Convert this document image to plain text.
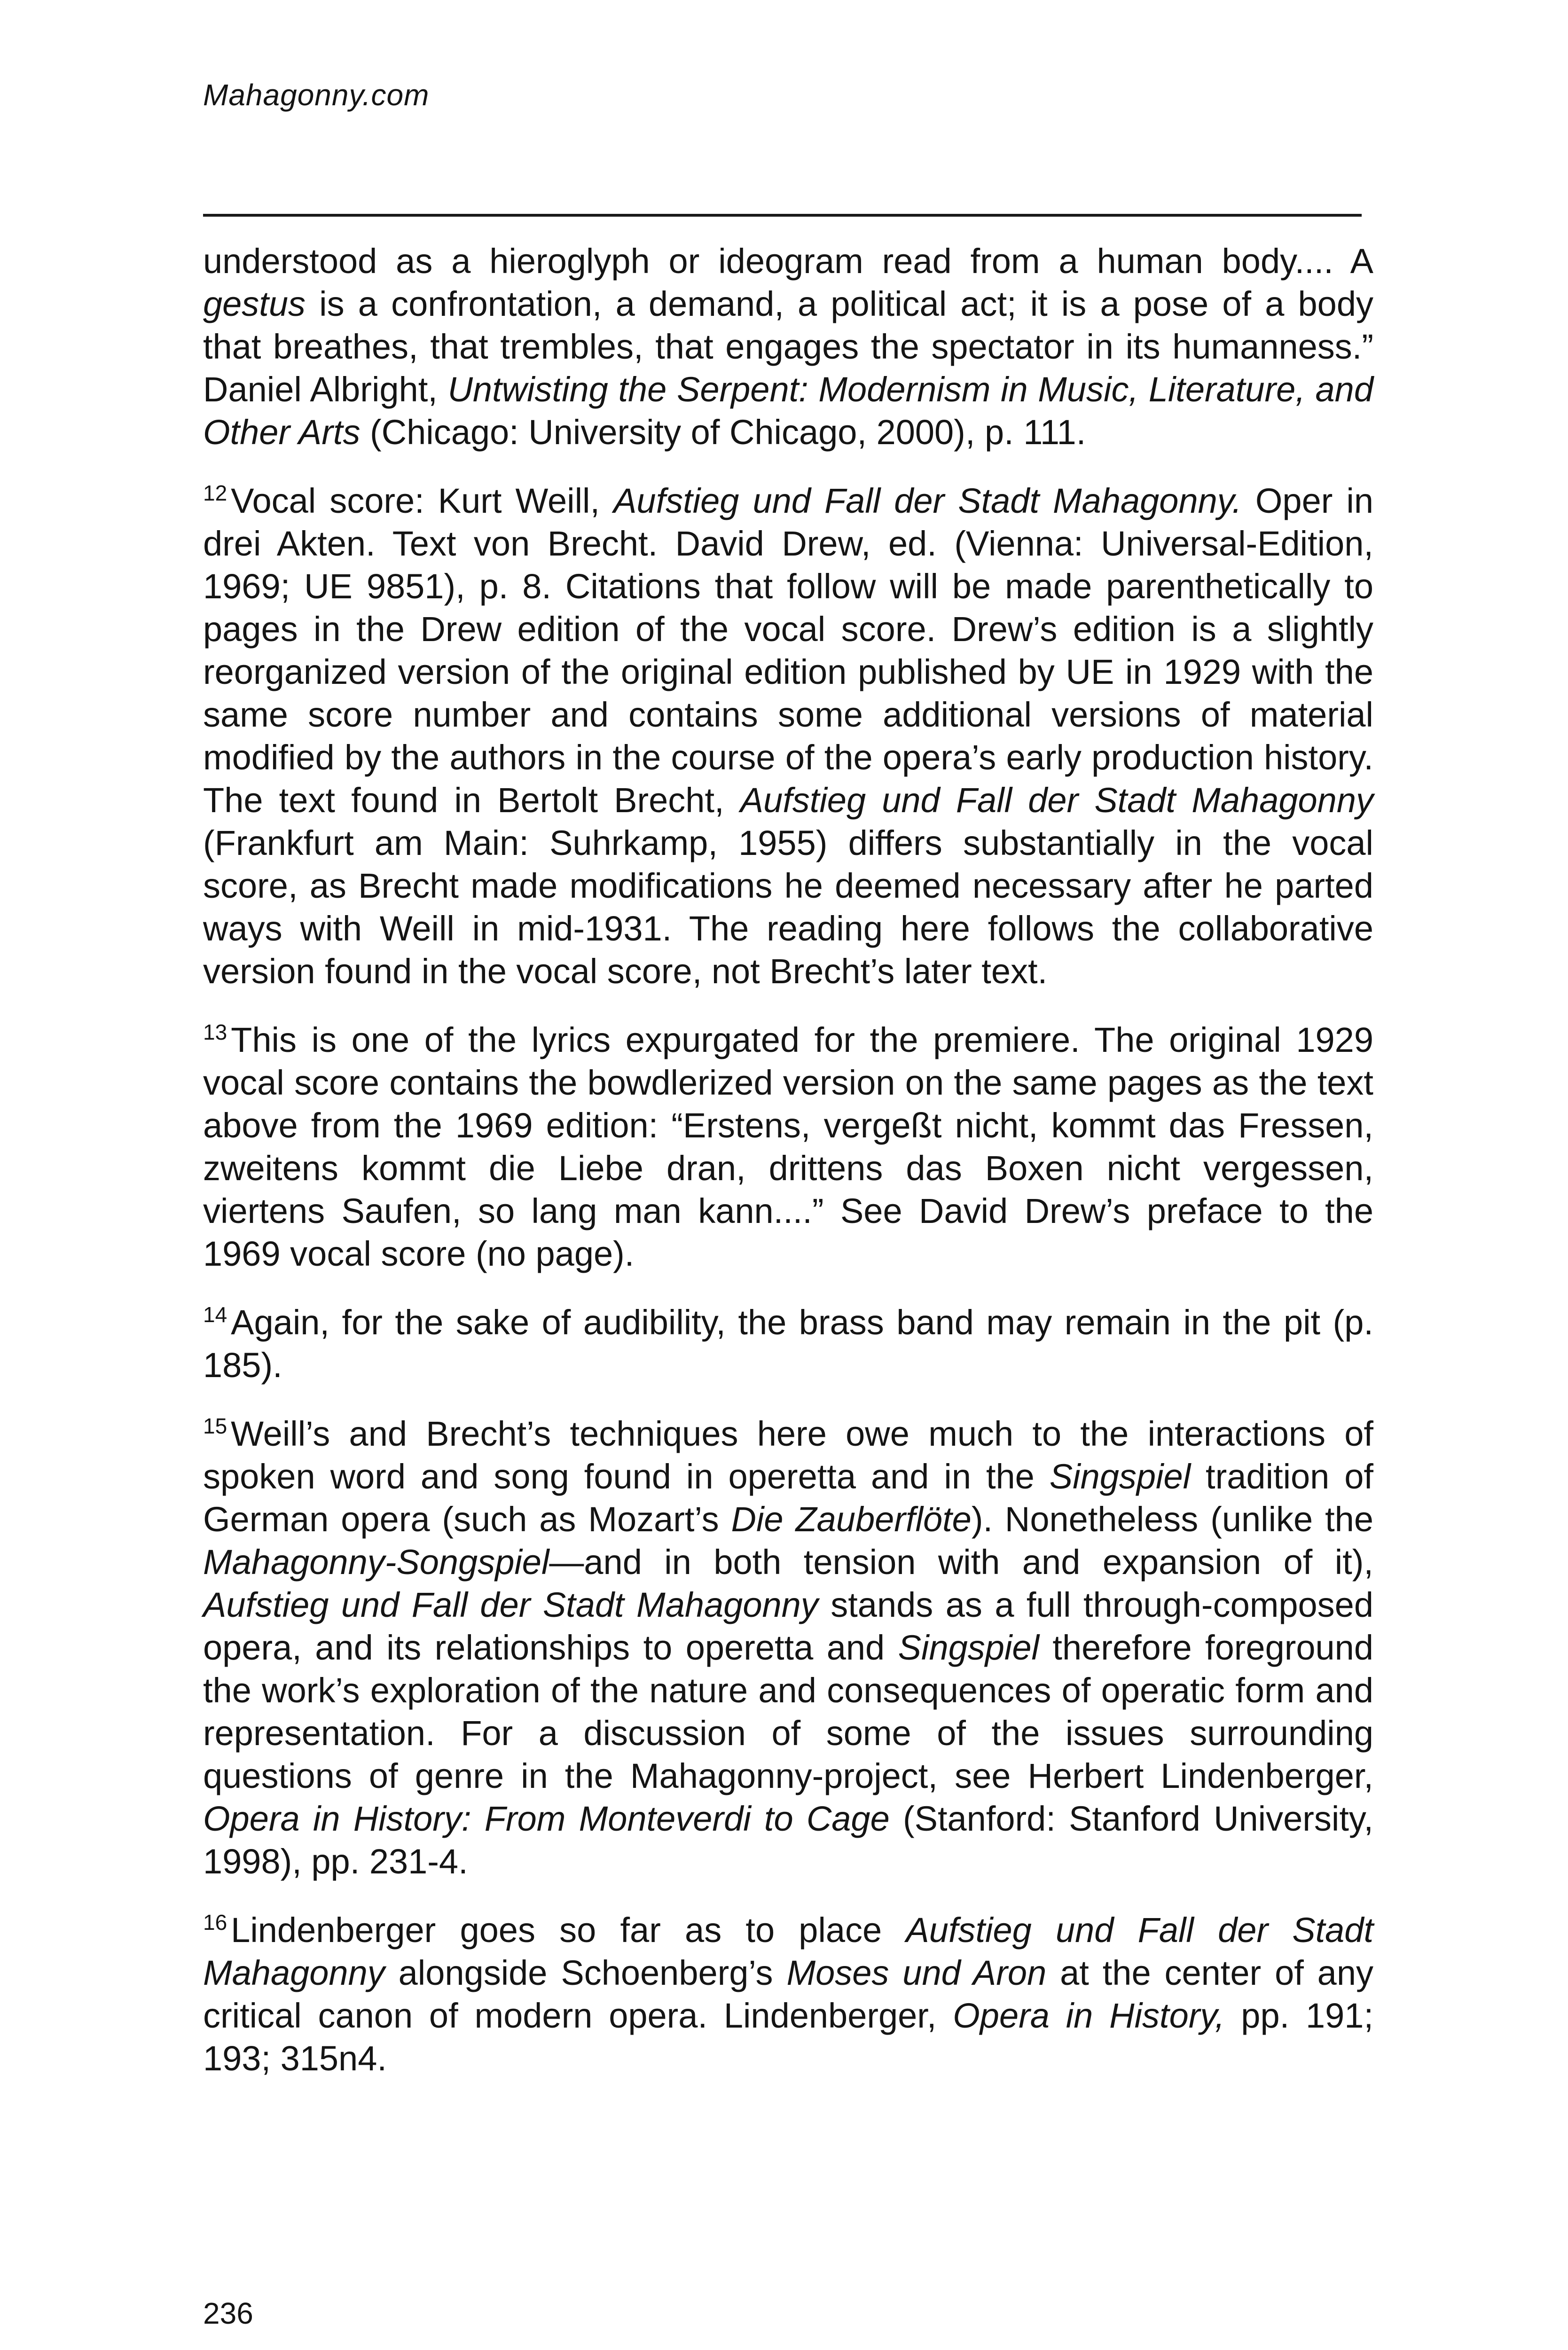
Mahagonny.com

understood as a hieroglyph or ideogram read from a human body.... A gestus is a confrontation, a demand, a political act; it is a pose of a body that breathes, that trembles, that engages the spectator in its humanness.” Daniel Albright, Untwisting the Serpent: Modernism in Music, Literature, and Other Arts (Chicago: University of Chicago, 2000), p. 111.

$^{12}$ Vocal score: Kurt Weill, Aufstieg und Fall der Stadt Mahagonny. Oper in drei Akten. Text von Brecht. David Drew, ed. (Vienna: Universal-Edition, 1969; UE 9851), p. 8. Citations that follow will be made parenthetically to pages in the Drew edition of the vocal score. Drew’s edition is a slightly reorganized version of the original edition published by UE in 1929 with the same score number and contains some additional versions of material modified by the authors in the course of the opera’s early production history. The text found in Bertolt Brecht, Aufstieg und Fall der Stadt Mahagonny (Frankfurt am Main: Suhrkamp, 1955) differs substantially in the vocal score, as Brecht made modifications he deemed necessary after he parted ways with Weill in mid-1931. The reading here follows the collaborative version found in the vocal score, not Brecht’s later text.

$^{13}$ This is one of the lyrics expurgated for the premiere. The original 1929 vocal score contains the bowdlerized version on the same pages as the text above from the 1969 edition: “Erstens, vergeßt nicht, kommt das Fressen, zweitens kommt die Liebe dran, drittens das Boxen nicht vergessen, viertens Saufen, so lang man kann....” See David Drew’s preface to the 1969 vocal score (no page).

$^{14}$ Again, for the sake of audibility, the brass band may remain in the pit (p. 185).

$^{15}$ Weill’s and Brecht’s techniques here owe much to the interactions of spoken word and song found in operetta and in the Singspiel tradition of German opera (such as Mozart’s Die Zauberflöte). Nonetheless (unlike the Mahagonny-Songspiel—and in both tension with and expansion of it), Aufstieg und Fall der Stadt Mahagonny stands as a full through-composed opera, and its relationships to operetta and Singspiel therefore foreground the work’s exploration of the nature and consequences of operatic form and representation. For a discussion of some of the issues surrounding questions of genre in the Mahagonny-project, see Herbert Lindenberger, Opera in History: From Monteverdi to Cage (Stanford: Stanford University, 1998), pp. 231-4.

$^{16}$ Lindenberger goes so far as to place Aufstieg und Fall der Stadt Mahagonny alongside Schoenberg’s Moses und Aron at the center of any critical canon of modern opera. Lindenberger, Opera in History, pp. 191; 193; 315n4.

236
